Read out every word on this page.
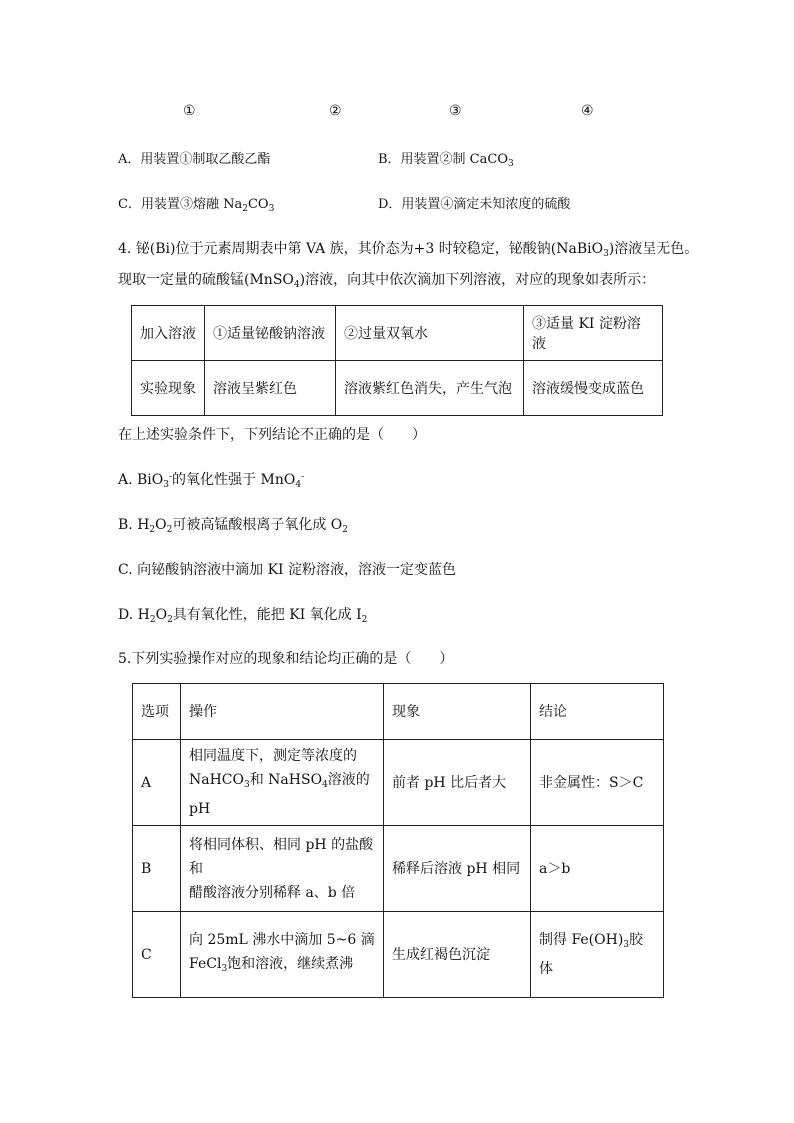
①	②	③	④
A．用装置①制取乙酸乙酯	B．用装置②制 CaCO$_3$
C．用装置③熔融 $Na_2CO_3$	D．用装置④滴定未知浓度的硫酸
4. 铋(Bi)位于元素周期表中第 VA 族，其价态为+3 时较稳定，铋酸钠(NaBiO$_3$)溶液呈无色。
现取一定量的硫酸锰(MnSO$_4$)溶液，向其中依次滴加下列溶液，对应的现象如表所示：
加入溶液	①适量铋酸钠溶液	②过量双氧水	③适量 KI 淀粉溶液
实验现象	溶液呈紫红色	溶液紫红色消失，产生气泡	溶液缓慢变成蓝色
在上述实验条件下，下列结论不正确的是（　　）
A. BiO$_3$-的氧化性强于 MnO$_4$-
B. $H_2O_2$可被高锰酸根离子氧化成 $O_2$
C. 向铋酸钠溶液中滴加 KI 淀粉溶液，溶液一定变蓝色
D. $H_2O_2$具有氧化性，能把 KI 氧化成 $I_2$
5.下列实验操作对应的现象和结论均正确的是（　　）
选项	操作	现象	结论
A	相同温度下，测定等浓度的
NaHCO$_3$和 NaHSO$_4$溶液的 pH	前者 pH 比后者大	非金属性：S＞C
B	将相同体积、相同 pH 的盐酸和
醋酸溶液分别稀释 a、b 倍	稀释后溶液 pH 相同	a＞b
C	向 25mL 沸水中滴加 5~6 滴
FeCl$_3$饱和溶液，继续煮沸	生成红褐色沉淀	制得 $Fe(OH)_3$胶体
